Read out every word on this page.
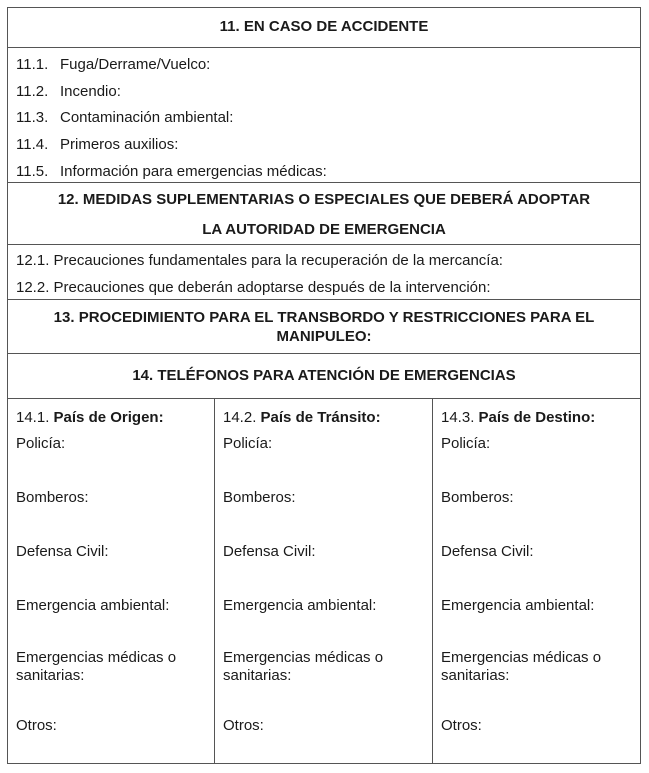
11. EN CASO DE ACCIDENTE
11.1. Fuga/Derrame/Vuelco:
11.2. Incendio:
11.3. Contaminación ambiental:
11.4. Primeros auxilios:
11.5. Información para emergencias médicas:
12. MEDIDAS SUPLEMENTARIAS O ESPECIALES QUE DEBERÁ ADOPTAR
LA AUTORIDAD DE EMERGENCIA
12.1. Precauciones fundamentales para la recuperación de la mercancía:
12.2. Precauciones que deberán adoptarse después de la intervención:
13. PROCEDIMIENTO PARA EL TRANSBORDO Y RESTRICCIONES PARA EL
MANIPULEO:
14. TELÉFONOS PARA ATENCIÓN DE EMERGENCIAS
14.1. País de Origen:
Policía:
Bomberos:
Defensa Civil:
Emergencia ambiental:
Emergencias médicas o
sanitarias:
Otros:
14.2. País de Tránsito:
Policía:
Bomberos:
Defensa Civil:
Emergencia ambiental:
Emergencias médicas o
sanitarias:
Otros:
14.3. País de Destino:
Policía:
Bomberos:
Defensa Civil:
Emergencia ambiental:
Emergencias médicas o
sanitarias:
Otros:
